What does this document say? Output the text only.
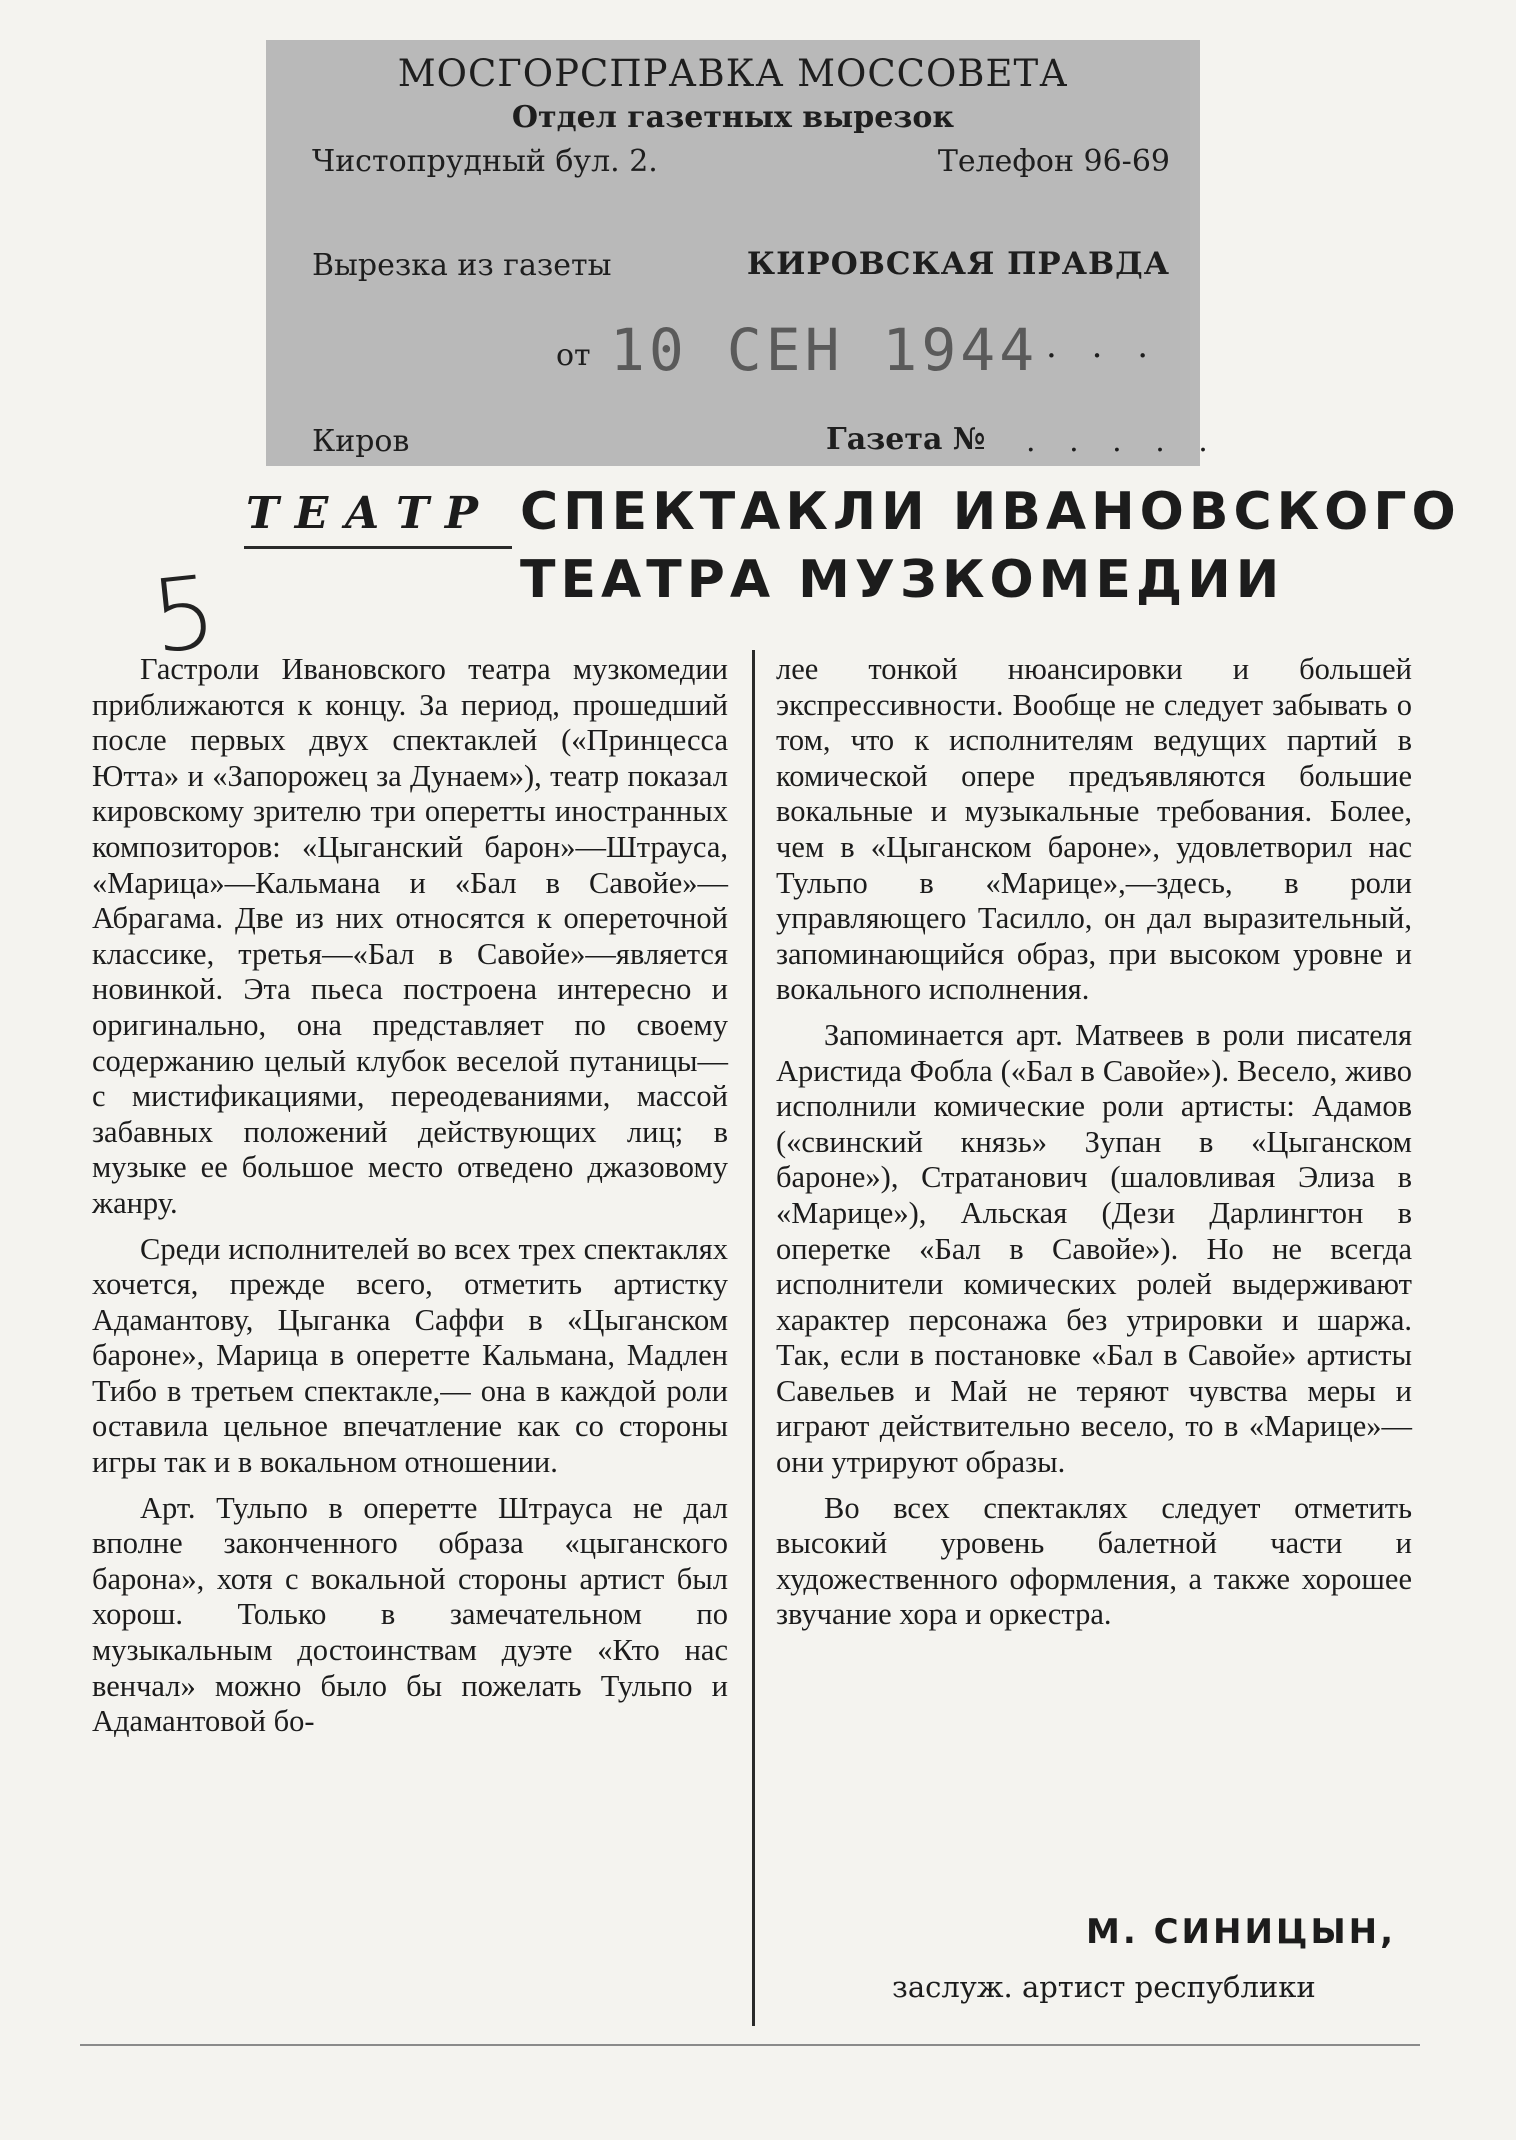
МОСГОРСПРАВКА МОССОВЕТА
Отдел газетных вырезок
Чистопрудный бул. 2.	Телефон 96-69
Вырезка из газеты	КИРОВСКАЯ ПРАВДА
от 10 СЕН 1944 . . .
Киров	Газета № . . . . .
ТЕАТР СПЕКТАКЛИ ИВАНОВСКОГО
ТЕАТРА МУЗКОМЕДИИ
5

Гастроли Ивановского театра музкомедии приближаются к концу. За период, прошедший после первых двух спектаклей («Принцесса Ютта» и «Запорожец за Дунаем»), театр показал кировскому зрителю три оперетты иностранных композиторов: «Цыганский барон»—Штрауса, «Марица»—Кальмана и «Бал в Савойе»—Абрагама. Две из них относятся к опереточной классике, третья—«Бал в Савойе»—является новинкой. Эта пьеса построена интересно и оригинально, она представляет по своему содержанию целый клубок веселой путаницы—с мистификациями, переодеваниями, массой забавных положений действующих лиц; в музыке ее большое место отведено джазовому жанру.

Среди исполнителей во всех трех спектаклях хочется, прежде всего, отметить артистку Адамантову, Цыганка Саффи в «Цыганском бароне», Марица в оперетте Кальмана, Мадлен Тибо в третьем спектакле,— она в каждой роли оставила цельное впечатление как со стороны игры так и в вокальном отношении.

Арт. Тульпо в оперетте Штрауса не дал вполне законченного образа «цыганского барона», хотя с вокальной стороны артист был хорош. Только в замечательном по музыкальным достоинствам дуэте «Кто нас венчал» можно было бы пожелать Тульпо и Адамантовой бо-

лее тонкой нюансировки и большей экспрессивности. Вообще не следует забывать о том, что к исполнителям ведущих партий в комической опере предъявляются большие вокальные и музыкальные требования. Более, чем в «Цыганском бароне», удовлетворил нас Тульпо в «Марице»,—здесь, в роли управляющего Тасилло, он дал выразительный, запоминающийся образ, при высоком уровне и вокального исполнения.

Запоминается арт. Матвеев в роли писателя Аристида Фобла («Бал в Савойе»). Весело, живо исполнили комические роли артисты: Адамов («свинский князь» Зупан в «Цыганском бароне»), Стратанович (шаловливая Элиза в «Марице»), Альская (Дези Дарлингтон в оперетке «Бал в Савойе»). Но не всегда исполнители комических ролей выдерживают характер персонажа без утрировки и шаржа. Так, если в постановке «Бал в Савойе» артисты Савельев и Май не теряют чувства меры и играют действительно весело, то в «Марице»—они утрируют образы.

Во всех спектаклях следует отметить высокий уровень балетной части и художественного оформления, а также хорошее звучание хора и оркестра.

М. СИНИЦЫН,
заслуж. артист республики
